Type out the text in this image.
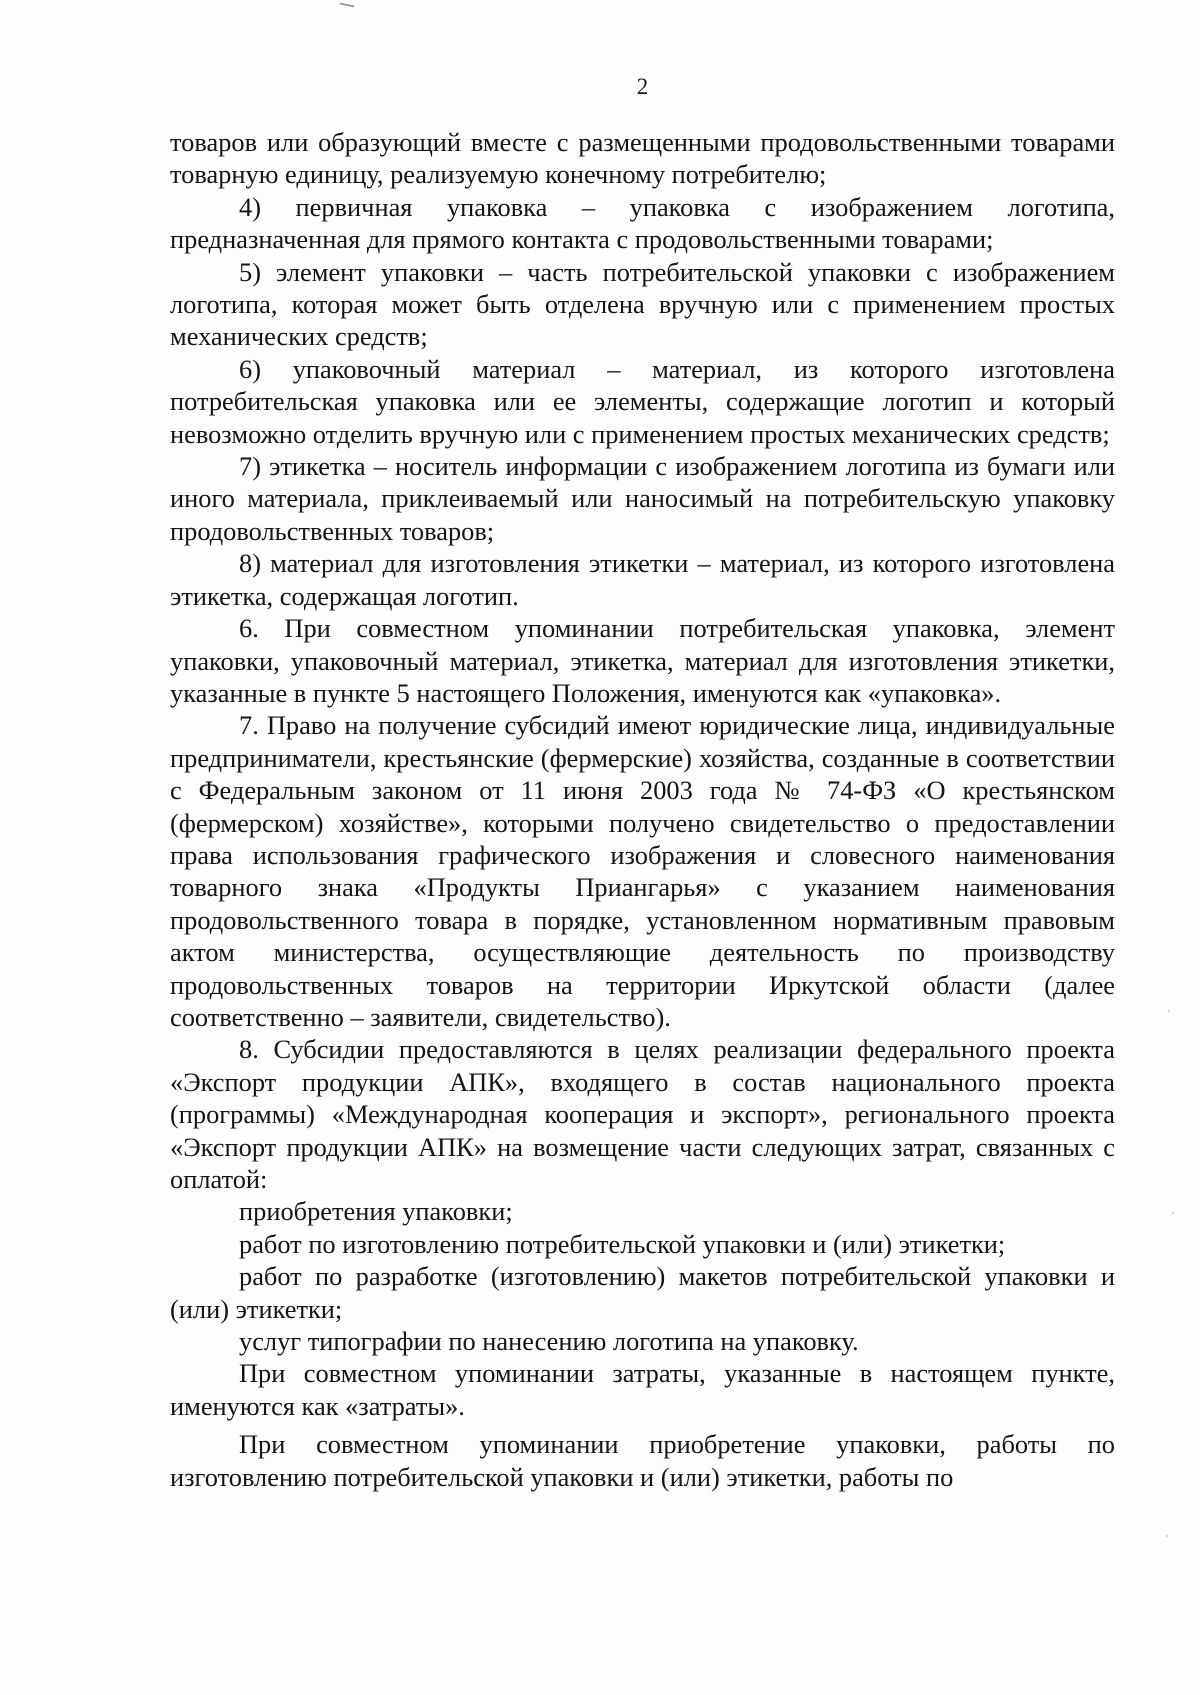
2

товаров или образующий вместе с размещенными продовольственными товарами товарную единицу, реализуемую конечному потребителю;

4) первичная упаковка – упаковка с изображением логотипа, предназначенная для прямого контакта с продовольственными товарами;

5) элемент упаковки – часть потребительской упаковки с изображением логотипа, которая может быть отделена вручную или с применением простых механических средств;

6) упаковочный материал – материал, из которого изготовлена потребительская упаковка или ее элементы, содержащие логотип и который невозможно отделить вручную или с применением простых механических средств;

7) этикетка – носитель информации с изображением логотипа из бумаги или иного материала, приклеиваемый или наносимый на потребительскую упаковку продовольственных товаров;

8) материал для изготовления этикетки – материал, из которого изготовлена этикетка, содержащая логотип.

6. При совместном упоминании потребительская упаковка, элемент упаковки, упаковочный материал, этикетка, материал для изготовления этикетки, указанные в пункте 5 настоящего Положения, именуются как «упаковка».

7. Право на получение субсидий имеют юридические лица, индивидуальные предприниматели, крестьянские (фермерские) хозяйства, созданные в соответствии с Федеральным законом от 11 июня 2003 года № 74-ФЗ «О крестьянском (фермерском) хозяйстве», которыми получено свидетельство о предоставлении права использования графического изображения и словесного наименования товарного знака «Продукты Приангарья» с указанием наименования продовольственного товара в порядке, установленном нормативным правовым актом министерства, осуществляющие деятельность по производству продовольственных товаров на территории Иркутской области (далее соответственно – заявители, свидетельство).

8. Субсидии предоставляются в целях реализации федерального проекта «Экспорт продукции АПК», входящего в состав национального проекта (программы) «Международная кооперация и экспорт», регионального проекта «Экспорт продукции АПК» на возмещение части следующих затрат, связанных с оплатой:

приобретения упаковки;

работ по изготовлению потребительской упаковки и (или) этикетки;

работ по разработке (изготовлению) макетов потребительской упаковки и (или) этикетки;

услуг типографии по нанесению логотипа на упаковку.

При совместном упоминании затраты, указанные в настоящем пункте, именуются как «затраты».

При совместном упоминании приобретение упаковки, работы по изготовлению потребительской упаковки и (или) этикетки, работы по
